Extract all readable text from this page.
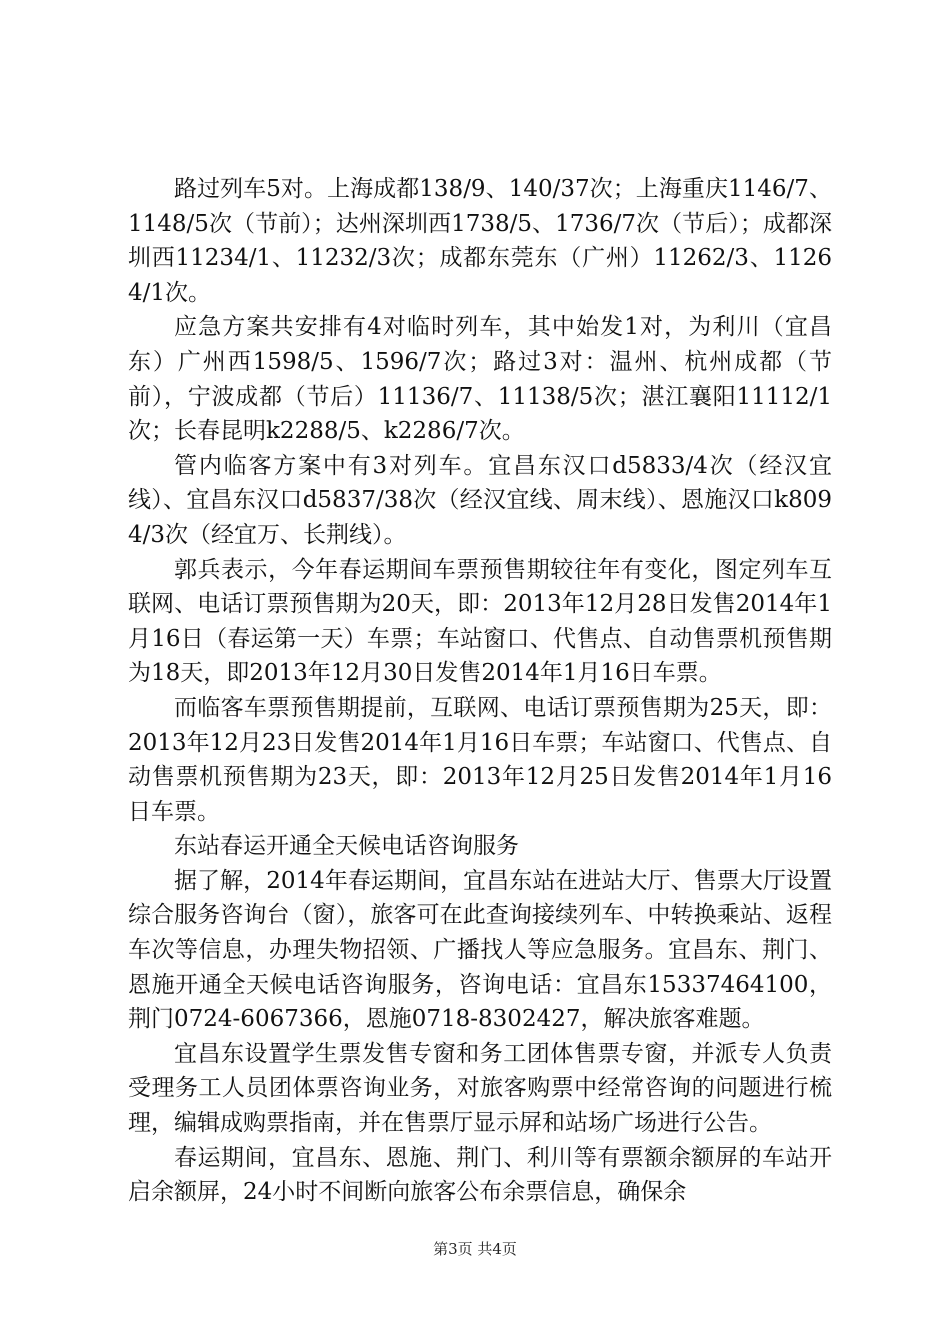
路过列车5对。上海成都138/9、140/37次；上海重庆1146/7、1148/5次（节前）；达州深圳西1738/5、1736/7次（节后）；成都深圳西11234/1、11232/3次；成都东莞东（广州）11262/3、11264/1次。

应急方案共安排有4对临时列车，其中始发1对，为利川（宜昌东）广州西1598/5、1596/7次；路过3对：温州、杭州成都（节前），宁波成都（节后）11136/7、11138/5次；湛江襄阳11112/1次；长春昆明k2288/5、k2286/7次。

管内临客方案中有3对列车。宜昌东汉口d5833/4次（经汉宜线）、宜昌东汉口d5837/38次（经汉宜线、周末线）、恩施汉口k8094/3次（经宜万、长荆线）。

郭兵表示，今年春运期间车票预售期较往年有变化，图定列车互联网、电话订票预售期为20天，即：2013年12月28日发售2014年1月16日（春运第一天）车票；车站窗口、代售点、自动售票机预售期为18天，即2013年12月30日发售2014年1月16日车票。

而临客车票预售期提前，互联网、电话订票预售期为25天，即：2013年12月23日发售2014年1月16日车票；车站窗口、代售点、自动售票机预售期为23天，即：2013年12月25日发售2014年1月16日车票。

东站春运开通全天候电话咨询服务

据了解，2014年春运期间，宜昌东站在进站大厅、售票大厅设置综合服务咨询台（窗），旅客可在此查询接续列车、中转换乘站、返程车次等信息，办理失物招领、广播找人等应急服务。宜昌东、荆门、恩施开通全天候电话咨询服务，咨询电话：宜昌东15337464100，荆门0724-6067366，恩施0718-8302427，解决旅客难题。

宜昌东设置学生票发售专窗和务工团体售票专窗，并派专人负责受理务工人员团体票咨询业务，对旅客购票中经常咨询的问题进行梳理，编辑成购票指南，并在售票厅显示屏和站场广场进行公告。

春运期间，宜昌东、恩施、荆门、利川等有票额余额屏的车站开启余额屏，24小时不间断向旅客公布余票信息，确保余

第3页 共4页
